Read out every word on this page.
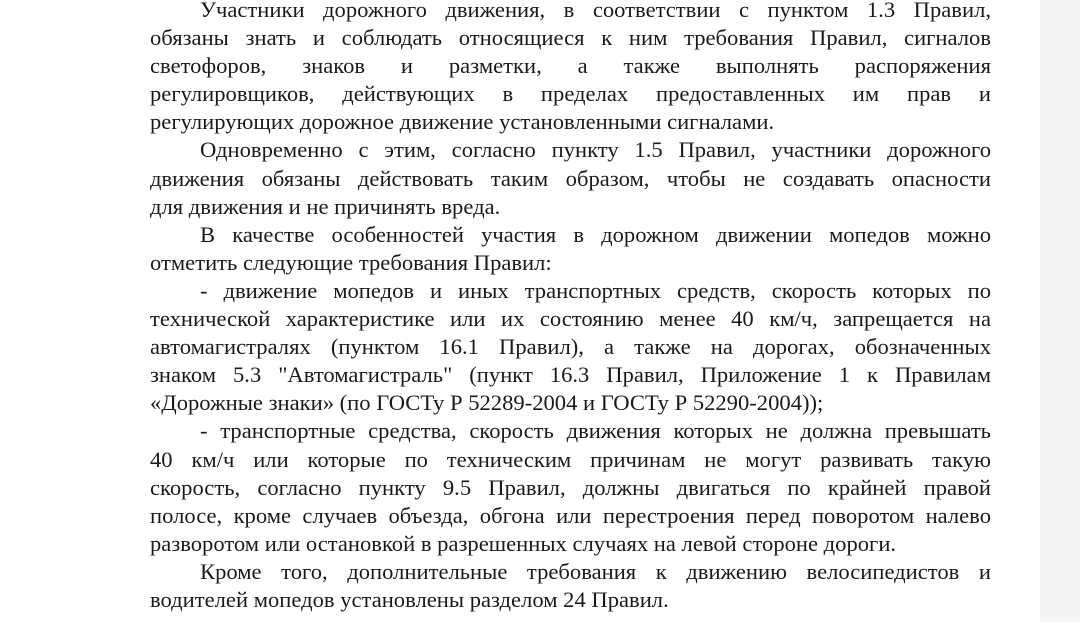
Участники дорожного движения, в соответствии с пунктом 1.3 Правил,
обязаны знать и соблюдать относящиеся к ним требования Правил, сигналов
светофоров, знаков и разметки, а также выполнять распоряжения
регулировщиков, действующих в пределах предоставленных им прав и
регулирующих дорожное движение установленными сигналами.
Одновременно с этим, согласно пункту 1.5 Правил, участники дорожного
движения обязаны действовать таким образом, чтобы не создавать опасности
для движения и не причинять вреда.
В качестве особенностей участия в дорожном движении мопедов можно
отметить следующие требования Правил:
- движение мопедов и иных транспортных средств, скорость которых по
технической характеристике или их состоянию менее 40 км/ч, запрещается на
автомагистралях (пунктом 16.1 Правил), а также на дорогах, обозначенных
знаком 5.3 "Автомагистраль" (пункт 16.3 Правил, Приложение 1 к Правилам
«Дорожные знаки» (по ГОСТу Р 52289-2004 и ГОСТу Р 52290-2004));
- транспортные средства, скорость движения которых не должна превышать
40 км/ч или которые по техническим причинам не могут развивать такую
скорость, согласно пункту 9.5 Правил, должны двигаться по крайней правой
полосе, кроме случаев объезда, обгона или перестроения перед поворотом налево
разворотом или остановкой в разрешенных случаях на левой стороне дороги.
Кроме того, дополнительные требования к движению велосипедистов и
водителей мопедов установлены разделом 24 Правил.
